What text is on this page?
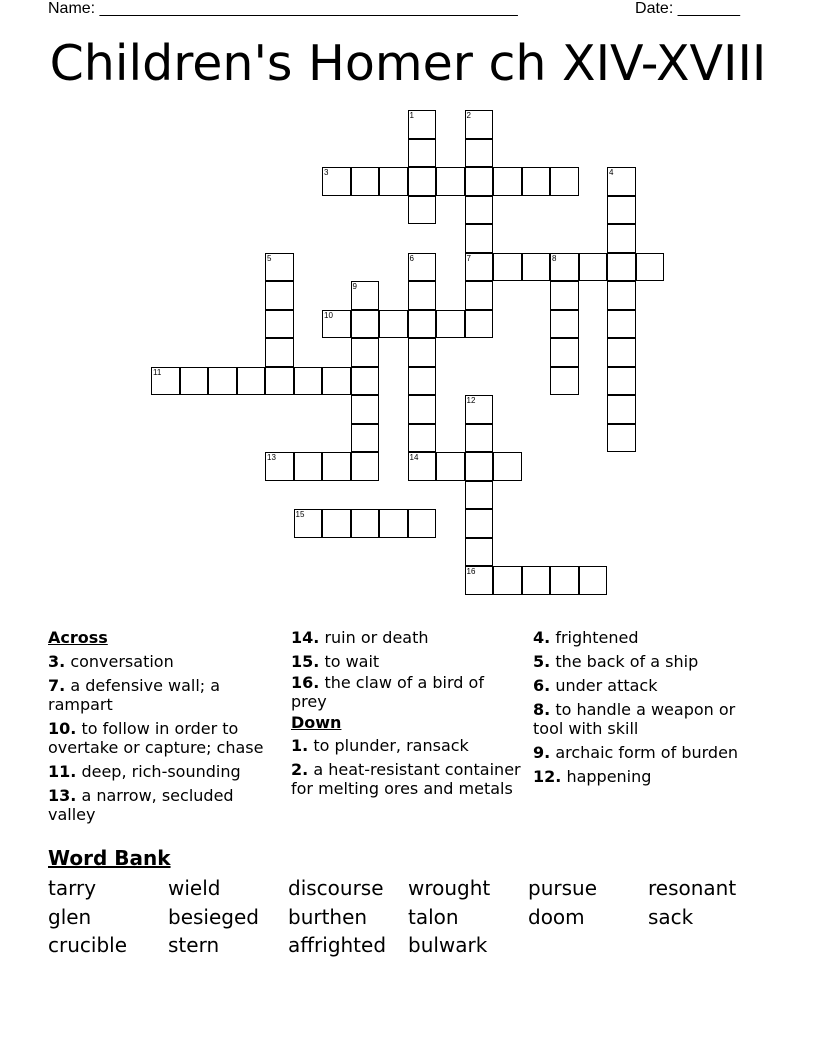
Name: _______________________________________________	Date: _______
Children's Homer ch XIV-XVIII
1	2
7
3	4
5	6
14
8
9
10
11
12
16
13
15
Across
3. conversation
7. a defensive wall; a rampart
10. to follow in order to overtake or capture; chase
11. deep, rich-sounding
13. a narrow, secluded valley
14. ruin or death
15. to wait
16. the claw of a bird of prey
Down
1. to plunder, ransack
2. a heat-resistant container for melting ores and metals
4. frightened
5. the back of a ship
6. under attack
8. to handle a weapon or tool with skill
9. archaic form of burden
12. happening
Word Bank
tarry	wield	discourse wrought pursue	resonant
glen	besieged burthen talon	doom	sack
crucible stern	affrighted bulwark
